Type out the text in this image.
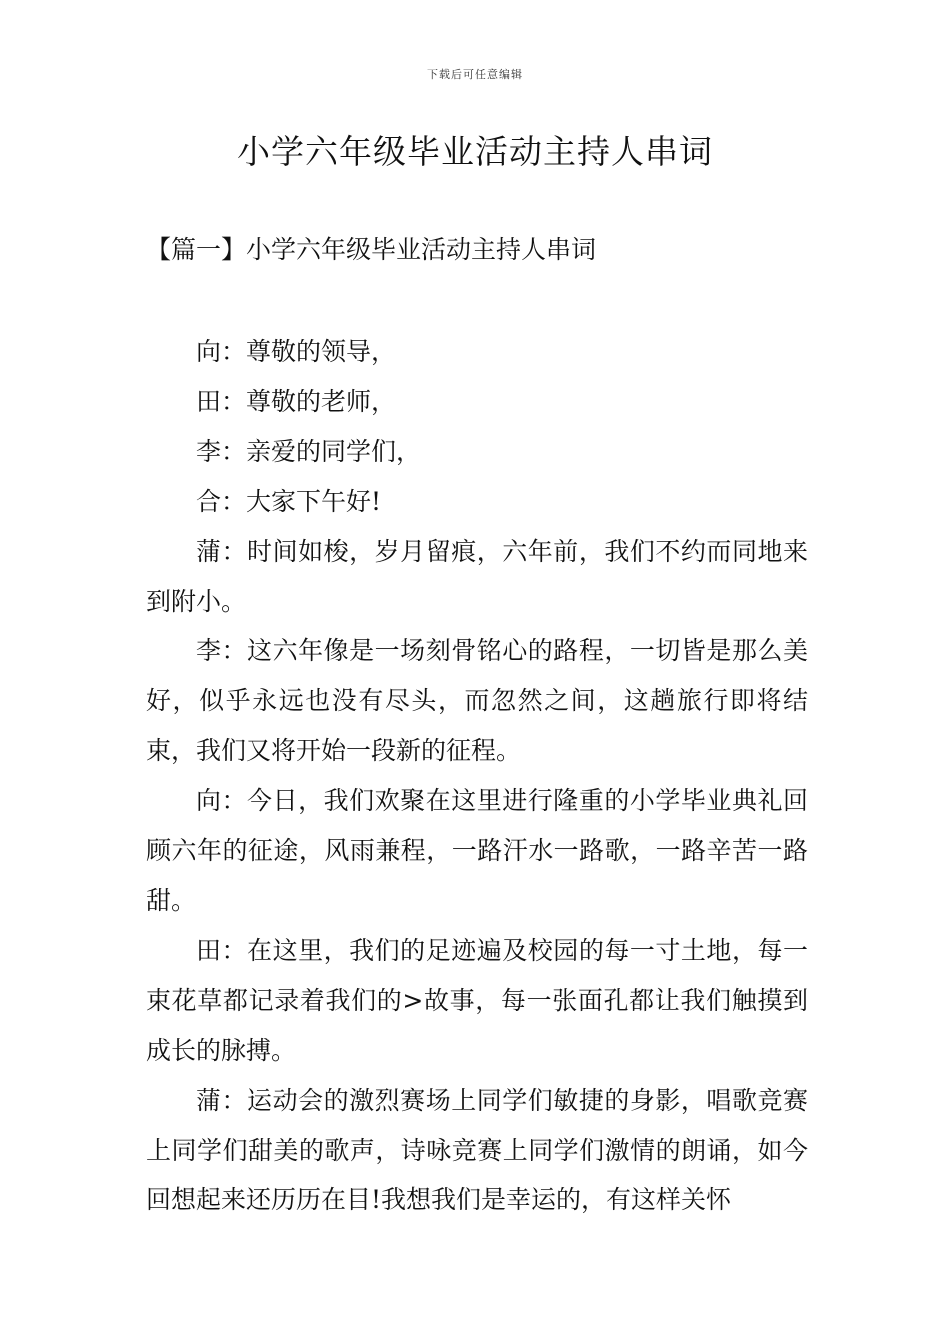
下载后可任意编辑
小学六年级毕业活动主持人串词
【篇一】小学六年级毕业活动主持人串词

向：尊敬的领导，

田：尊敬的老师，

李：亲爱的同学们，

合：大家下午好!

蒲：时间如梭，岁月留痕，六年前，我们不约而同地来到附小。

李：这六年像是一场刻骨铭心的路程，一切皆是那么美好，似乎永远也没有尽头，而忽然之间，这趟旅行即将结束，我们又将开始一段新的征程。

向：今日，我们欢聚在这里进行隆重的小学毕业典礼回顾六年的征途，风雨兼程，一路汗水一路歌，一路辛苦一路甜。

田：在这里，我们的足迹遍及校园的每一寸土地，每一束花草都记录着我们的>故事，每一张面孔都让我们触摸到成长的脉搏。

蒲：运动会的激烈赛场上同学们敏捷的身影，唱歌竞赛上同学们甜美的歌声，诗咏竞赛上同学们激情的朗诵，如今回想起来还历历在目!我想我们是幸运的，有这样关怀
